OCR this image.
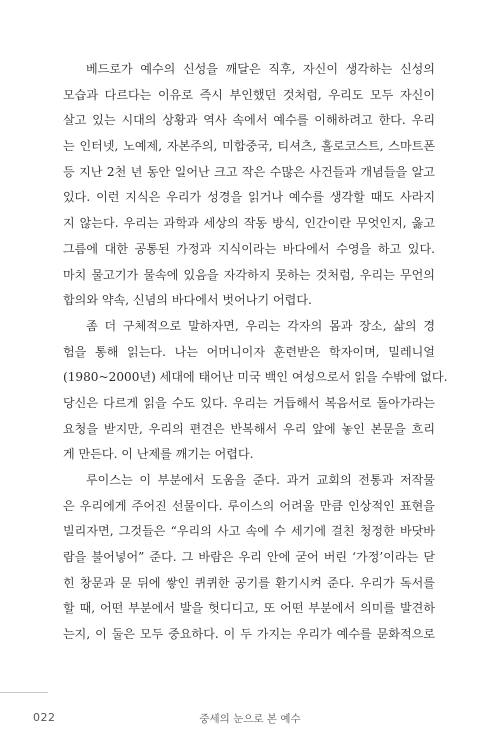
베드로가 예수의 신성을 깨달은 직후, 자신이 생각하는 신성의
모습과 다르다는 이유로 즉시 부인했던 것처럼, 우리도 모두 자신이
살고 있는 시대의 상황과 역사 속에서 예수를 이해하려고 한다. 우리
는 인터넷, 노예제, 자본주의, 미합중국, 티셔츠, 홀로코스트, 스마트폰
등 지난 2천 년 동안 일어난 크고 작은 수많은 사건들과 개념들을 알고
있다. 이런 지식은 우리가 성경을 읽거나 예수를 생각할 때도 사라지
지 않는다. 우리는 과학과 세상의 작동 방식, 인간이란 무엇인지, 옳고
그름에 대한 공통된 가정과 지식이라는 바다에서 수영을 하고 있다.
마치 물고기가 물속에 있음을 자각하지 못하는 것처럼, 우리는 무언의
합의와 약속, 신념의 바다에서 벗어나기 어렵다.
좀 더 구체적으로 말하자면, 우리는 각자의 몸과 장소, 삶의 경
험을 통해 읽는다. 나는 어머니이자 훈련받은 학자이며, 밀레니얼
(1980~2000년) 세대에 태어난 미국 백인 여성으로서 읽을 수밖에 없다.
당신은 다르게 읽을 수도 있다. 우리는 거듭해서 복음서로 돌아가라는
요청을 받지만, 우리의 편견은 반복해서 우리 앞에 놓인 본문을 흐리
게 만든다. 이 난제를 깨기는 어렵다.
루이스는 이 부분에서 도움을 준다. 과거 교회의 전통과 저작물
은 우리에게 주어진 선물이다. 루이스의 어려울 만큼 인상적인 표현을
빌리자면, 그것들은 “우리의 사고 속에 수 세기에 걸친 청정한 바닷바
람을 불어넣어” 준다. 그 바람은 우리 안에 굳어 버린 ‘가정’이라는 닫
힌 창문과 문 뒤에 쌓인 퀴퀴한 공기를 환기시켜 준다. 우리가 독서를
할 때, 어떤 부분에서 발을 헛디디고, 또 어떤 부분에서 의미를 발견하
는지, 이 둘은 모두 중요하다. 이 두 가지는 우리가 예수를 문화적으로
022	중세의 눈으로 본 예수
